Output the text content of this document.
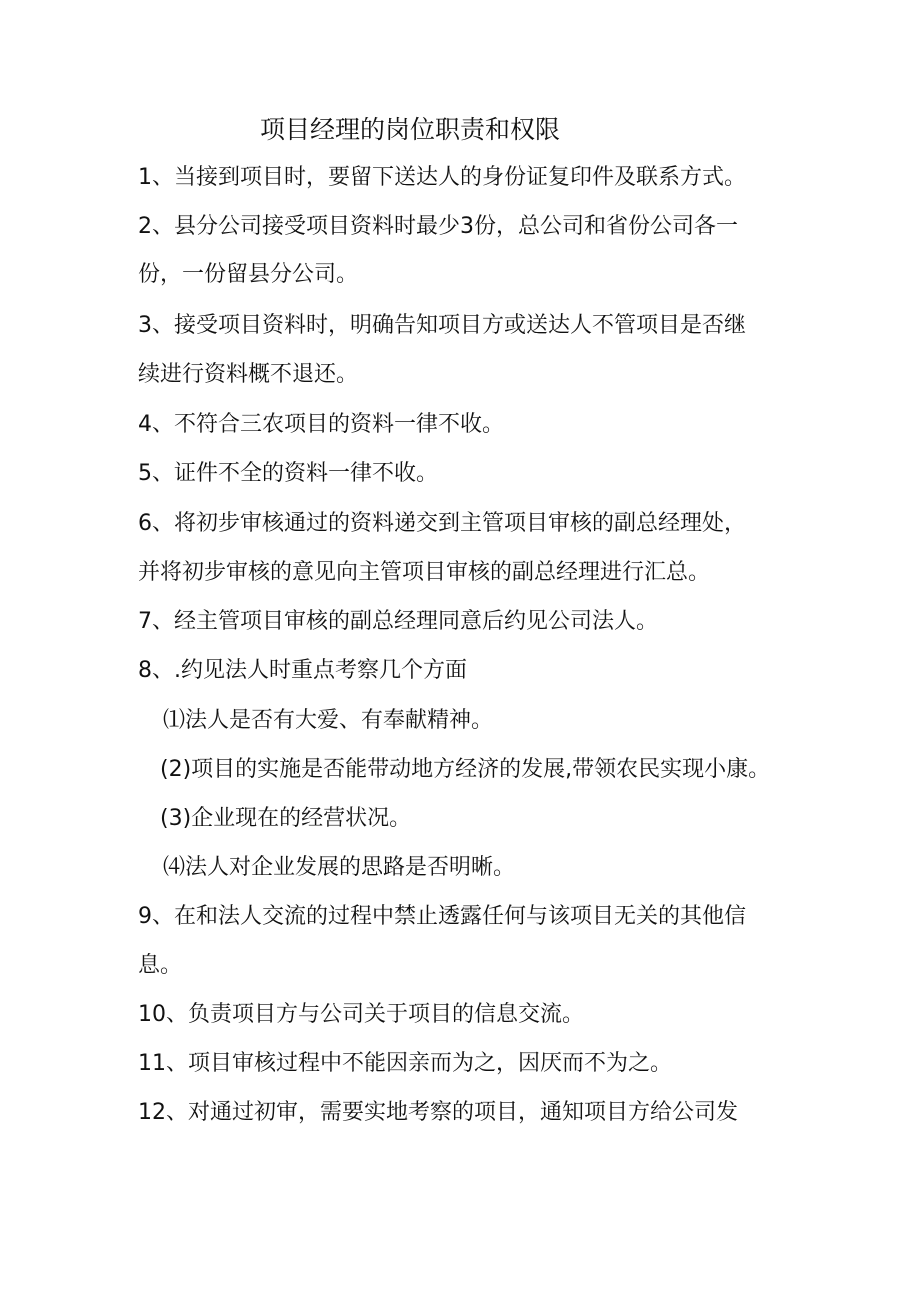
项目经理的岗位职责和权限
1、当接到项目时，要留下送达人的身份证复印件及联系方式。
2、县分公司接受项目资料时最少3份，总公司和省份公司各一
份，一份留县分公司。
3、接受项目资料时，明确告知项目方或送达人不管项目是否继
续进行资料概不退还。
4、不符合三农项目的资料一律不收。
5、证件不全的资料一律不收。
6、将初步审核通过的资料递交到主管项目审核的副总经理处，
并将初步审核的意见向主管项目审核的副总经理进行汇总。
7、经主管项目审核的副总经理同意后约见公司法人。
8、.约见法人时重点考察几个方面
⑴法人是否有大爱、有奉献精神。
(2)项目的实施是否能带动地方经济的发展,带领农民实现小康。
(3)企业现在的经营状况。
⑷法人对企业发展的思路是否明晰。
9、在和法人交流的过程中禁止透露任何与该项目无关的其他信
息。
10、负责项目方与公司关于项目的信息交流。
11、项目审核过程中不能因亲而为之，因厌而不为之。
12、对通过初审，需要实地考察的项目，通知项目方给公司发
